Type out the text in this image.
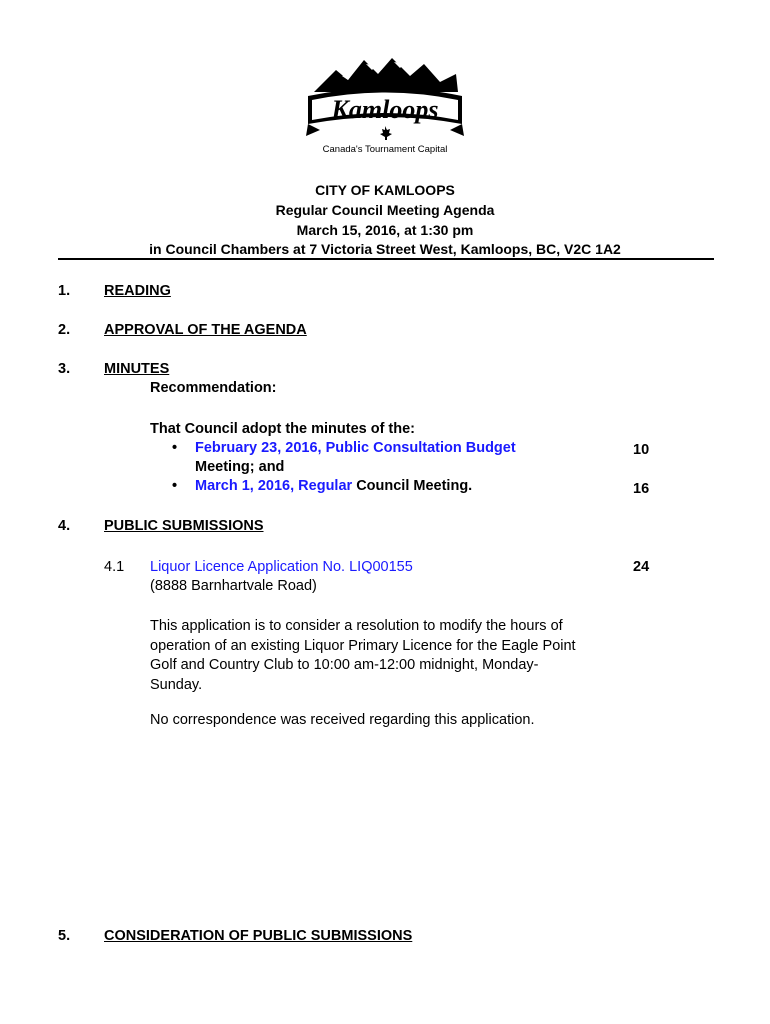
Kamloops
Canada's Tournament Capital
CITY OF KAMLOOPS
Regular Council Meeting Agenda
March 15, 2016, at 1:30 pm
in Council Chambers at 7 Victoria Street West, Kamloops, BC, V2C 1A2
1. READING
2. APPROVAL OF THE AGENDA
3. MINUTES
Recommendation:
That Council adopt the minutes of the:
• February 23, 2016, Public Consultation Budget
Meeting; and
10
• March 1, 2016, Regular Council Meeting.	16
4. PUBLIC SUBMISSIONS
4.1 Liquor Licence Application No. LIQ00155
(8888 Barnhartvale Road)
24
This application is to consider a resolution to modify the hours of
operation of an existing Liquor Primary Licence for the Eagle Point
Golf and Country Club to 10:00 am-12:00 midnight, Monday-
Sunday.
No correspondence was received regarding this application.
5. CONSIDERATION OF PUBLIC SUBMISSIONS
